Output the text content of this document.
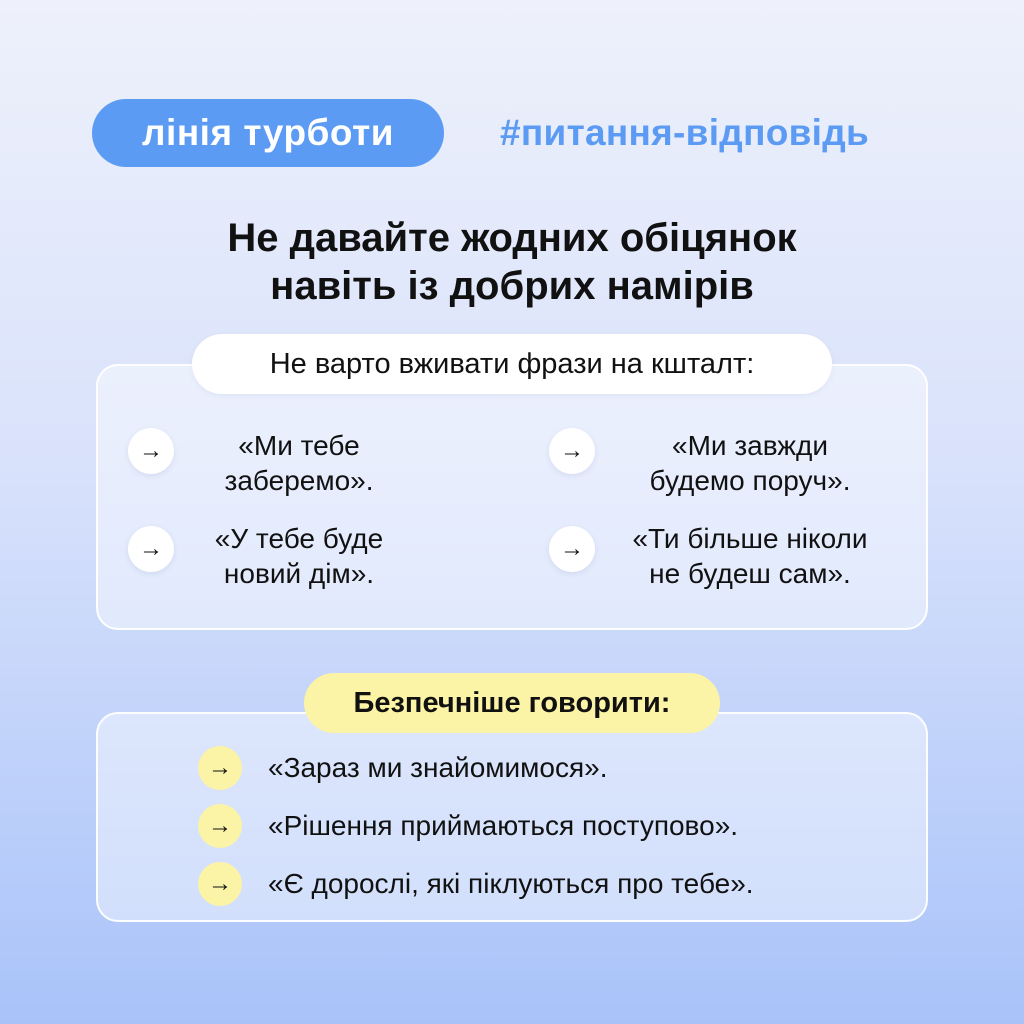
лінія турботи	#питання-відповідь
Не давайте жодних обіцянок
навіть із добрих намірів
Не варто вживати фрази на кшталт:
→	«Ми тебе
заберемо».
→	«Ми завжди
будемо поруч».
→	«У тебе буде
новий дім».
→	«Ти більше ніколи
не будеш сам».
Безпечніше говорити:
→	«Зараз ми знайомимося».
→	«Рішення приймаються поступово».
→	«Є дорослі, які піклуються про тебе».
